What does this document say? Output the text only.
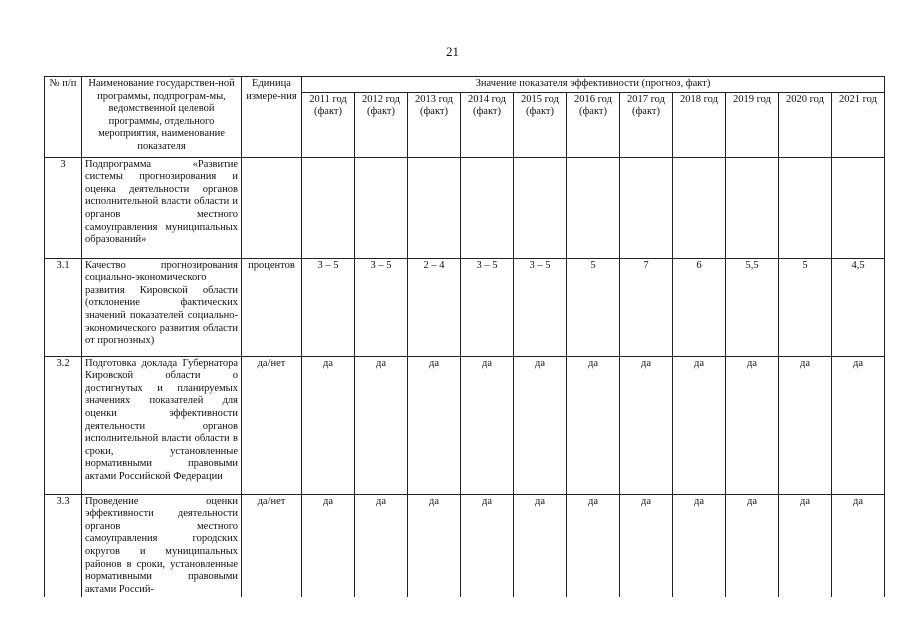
21
№ п/п	Наименование государствен-ной программы, подпрограм-мы, ведомственной целевой программы, отдельного мероприятия, наименование показателя	Единица измере-ния	Значение показателя эффективности (прогноз, факт)										
			2011 год (факт)	2012 год (факт)	2013 год (факт)	2014 год (факт)	2015 год (факт)	2016 год (факт)	2017 год (факт)	2018 год	2019 год	2020 год	2021 год
3	Подпрограмма «Развитие системы прогнозирования и оценка деятельности органов исполнительной власти области и органов местного самоуправления муниципальных образований»												
3.1	Качество прогнозирования социально-экономического развития Кировской области (отклонение фактических значений показателей социально-экономического развития области от прогнозных)	процентов	3 – 5	3 – 5	2 – 4	3 – 5	3 – 5	5	7	6	5,5	5	4,5
3.2	Подготовка доклада Губернатора Кировской области о достигнутых и планируемых значениях показателей для оценки эффективности деятельности органов исполнительной власти области в сроки, установленные нормативными правовыми актами Российской Федерации	да/нет	да	да	да	да	да	да	да	да	да	да	да
3.3	Проведение оценки эффективности деятельности органов местного самоуправления городских округов и муниципальных районов в сроки, установленные нормативными правовыми актами Россий-	да/нет	да	да	да	да	да	да	да	да	да	да	да
